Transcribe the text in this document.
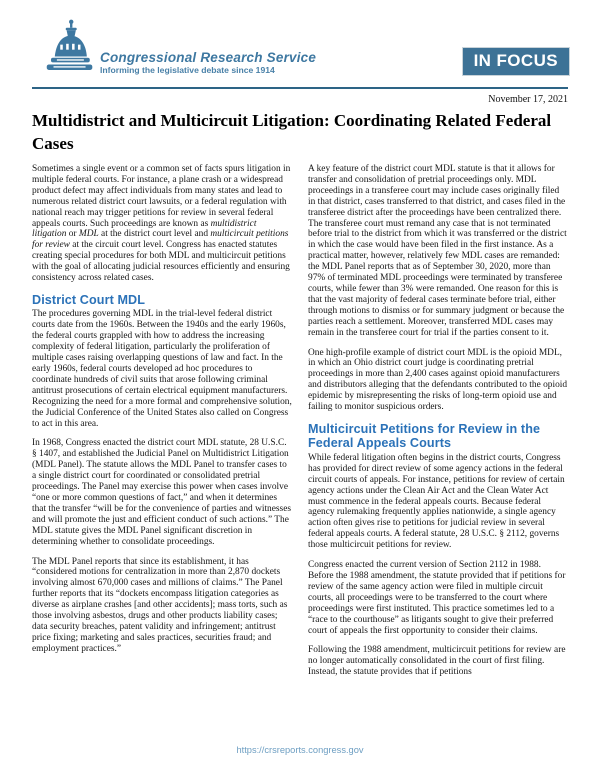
Congressional Research Service
Informing the legislative debate since 1914	IN FOCUS
November 17, 2021
Multidistrict and Multicircuit Litigation: Coordinating Related Federal Cases

Sometimes a single event or a common set of facts spurs litigation in multiple federal courts. For instance, a plane crash or a widespread product defect may affect individuals from many states and lead to numerous related district court lawsuits, or a federal regulation with national reach may trigger petitions for review in several federal appeals courts. Such proceedings are known as multidistrict litigation or MDL at the district court level and multicircuit petitions for review at the circuit court level. Congress has enacted statutes creating special procedures for both MDL and multicircuit petitions with the goal of allocating judicial resources efficiently and ensuring consistency across related cases.

District Court MDL

The procedures governing MDL in the trial-level federal district courts date from the 1960s. Between the 1940s and the early 1960s, the federal courts grappled with how to address the increasing complexity of federal litigation, particularly the proliferation of multiple cases raising overlapping questions of law and fact. In the early 1960s, federal courts developed ad hoc procedures to coordinate hundreds of civil suits that arose following criminal antitrust prosecutions of certain electrical equipment manufacturers. Recognizing the need for a more formal and comprehensive solution, the Judicial Conference of the United States also called on Congress to act in this area.

In 1968, Congress enacted the district court MDL statute, 28 U.S.C. § 1407, and established the Judicial Panel on Multidistrict Litigation (MDL Panel). The statute allows the MDL Panel to transfer cases to a single district court for coordinated or consolidated pretrial proceedings. The Panel may exercise this power when cases involve “one or more common questions of fact,” and when it determines that the transfer “will be for the convenience of parties and witnesses and will promote the just and efficient conduct of such actions.” The MDL statute gives the MDL Panel significant discretion in determining whether to consolidate proceedings.

The MDL Panel reports that since its establishment, it has “considered motions for centralization in more than 2,870 dockets involving almost 670,000 cases and millions of claims.” The Panel further reports that its “dockets encompass litigation categories as diverse as airplane crashes [and other accidents]; mass torts, such as those involving asbestos, drugs and other products liability cases; data security breaches, patent validity and infringement; antitrust price fixing; marketing and sales practices, securities fraud; and employment practices.”

A key feature of the district court MDL statute is that it allows for transfer and consolidation of pretrial proceedings only. MDL proceedings in a transferee court may include cases originally filed in that district, cases transferred to that district, and cases filed in the transferee district after the proceedings have been centralized there. The transferee court must remand any case that is not terminated before trial to the district from which it was transferred or the district in which the case would have been filed in the first instance. As a practical matter, however, relatively few MDL cases are remanded: the MDL Panel reports that as of September 30, 2020, more than 97% of terminated MDL proceedings were terminated by transferee courts, while fewer than 3% were remanded. One reason for this is that the vast majority of federal cases terminate before trial, either through motions to dismiss or for summary judgment or because the parties reach a settlement. Moreover, transferred MDL cases may remain in the transferee court for trial if the parties consent to it.

One high-profile example of district court MDL is the opioid MDL, in which an Ohio district court judge is coordinating pretrial proceedings in more than 2,400 cases against opioid manufacturers and distributors alleging that the defendants contributed to the opioid epidemic by misrepresenting the risks of long-term opioid use and failing to monitor suspicious orders.

Multicircuit Petitions for Review in the Federal Appeals Courts

While federal litigation often begins in the district courts, Congress has provided for direct review of some agency actions in the federal circuit courts of appeals. For instance, petitions for review of certain agency actions under the Clean Air Act and the Clean Water Act must commence in the federal appeals courts. Because federal agency rulemaking frequently applies nationwide, a single agency action often gives rise to petitions for judicial review in several federal appeals courts. A federal statute, 28 U.S.C. § 2112, governs those multicircuit petitions for review.

Congress enacted the current version of Section 2112 in 1988. Before the 1988 amendment, the statute provided that if petitions for review of the same agency action were filed in multiple circuit courts, all proceedings were to be transferred to the court where proceedings were first instituted. This practice sometimes led to a “race to the courthouse” as litigants sought to give their preferred court of appeals the first opportunity to consider their claims.

Following the 1988 amendment, multicircuit petitions for review are no longer automatically consolidated in the court of first filing. Instead, the statute provides that if petitions

https://crsreports.congress.gov
